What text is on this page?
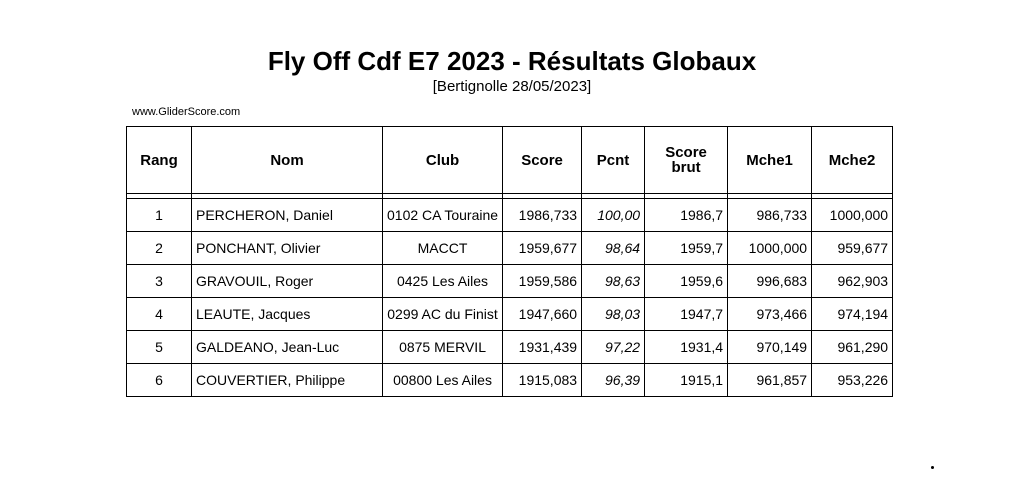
Fly Off Cdf E7 2023 - Résultats Globaux
[Bertignolle 28/05/2023]
www.GliderScore.com
Rang	Nom	Club	Score	Pcnt	Score brut	Mche1	Mche2

1	PERCHERON, Daniel	0102 CA Touraine	1986,733	100,00	1986,7	986,733	1000,000
2	PONCHANT, Olivier	MACCT	1959,677	98,64	1959,7	1000,000	959,677
3	GRAVOUIL, Roger	0425 Les Ailes	1959,586	98,63	1959,6	996,683	962,903
4	LEAUTE, Jacques	0299 AC du Finist	1947,660	98,03	1947,7	973,466	974,194
5	GALDEANO, Jean-Luc	0875 MERVIL	1931,439	97,22	1931,4	970,149	961,290
6	COUVERTIER, Philippe	00800 Les Ailes	1915,083	96,39	1915,1	961,857	953,226
